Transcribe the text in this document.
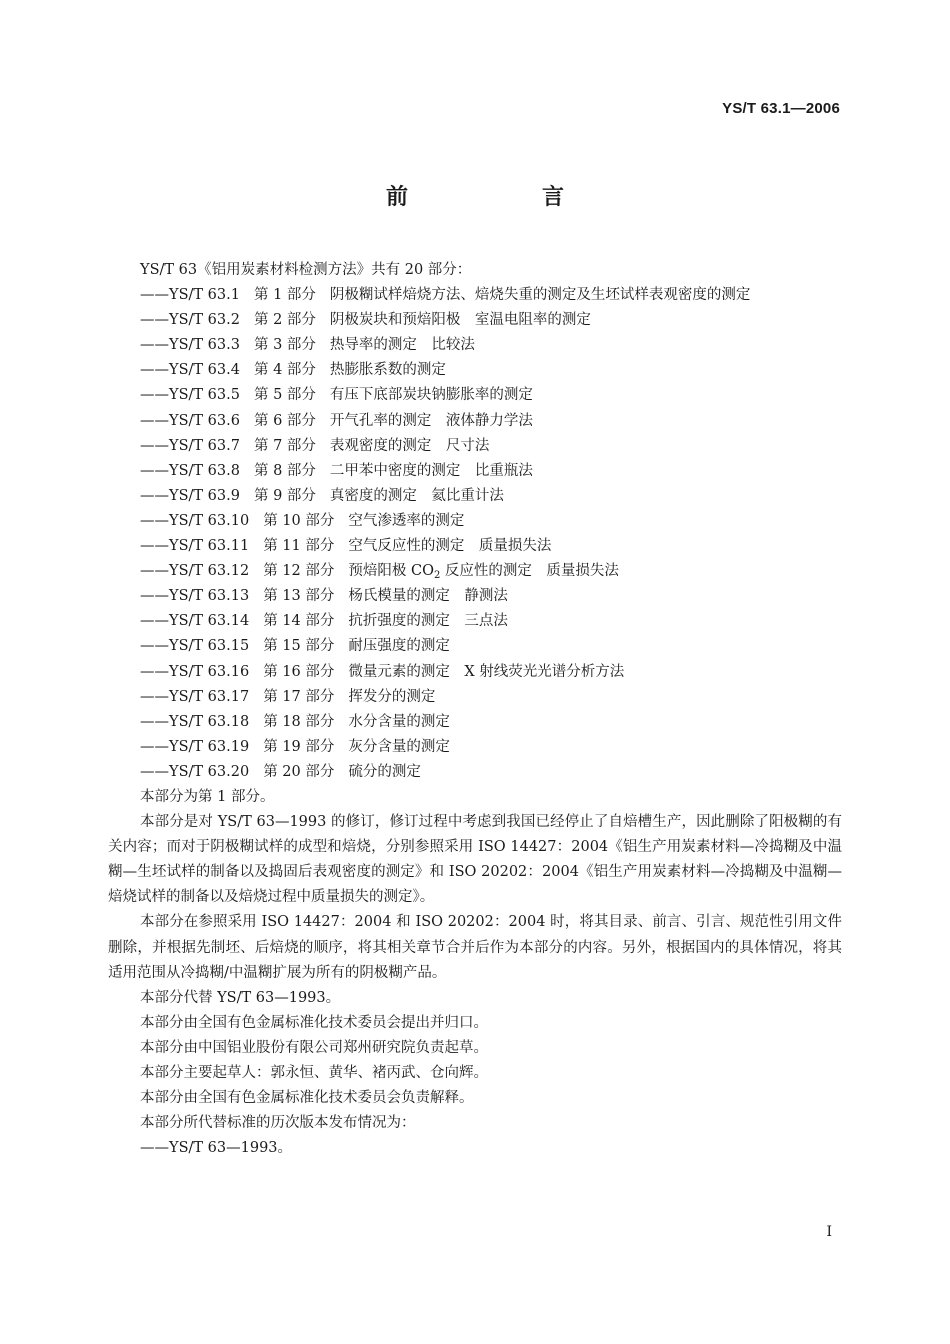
YS/T 63.1—2006
前　言
YS/T 63《铝用炭素材料检测方法》共有 20 部分：
——YS/T 63.1 第 1 部分 阴极糊试样焙烧方法、焙烧失重的测定及生坯试样表观密度的测定
——YS/T 63.2 第 2 部分 阴极炭块和预焙阳极　室温电阻率的测定
——YS/T 63.3 第 3 部分 热导率的测定　比较法
——YS/T 63.4 第 4 部分 热膨胀系数的测定
——YS/T 63.5 第 5 部分 有压下底部炭块钠膨胀率的测定
——YS/T 63.6 第 6 部分 开气孔率的测定　液体静力学法
——YS/T 63.7 第 7 部分 表观密度的测定　尺寸法
——YS/T 63.8 第 8 部分 二甲苯中密度的测定　比重瓶法
——YS/T 63.9 第 9 部分 真密度的测定　氦比重计法
——YS/T 63.10 第 10 部分 空气渗透率的测定
——YS/T 63.11 第 11 部分 空气反应性的测定　质量损失法
——YS/T 63.12 第 12 部分 预焙阳极 $CO_2$ 反应性的测定　质量损失法
——YS/T 63.13 第 13 部分 杨氏模量的测定　静测法
——YS/T 63.14 第 14 部分 抗折强度的测定　三点法
——YS/T 63.15 第 15 部分 耐压强度的测定
——YS/T 63.16 第 16 部分 微量元素的测定　X 射线荧光光谱分析方法
——YS/T 63.17 第 17 部分 挥发分的测定
——YS/T 63.18 第 18 部分 水分含量的测定
——YS/T 63.19 第 19 部分 灰分含量的测定
——YS/T 63.20 第 20 部分 硫分的测定
本部分为第 1 部分。
本部分是对 YS/T 63—1993 的修订，修订过程中考虑到我国已经停止了自焙槽生产，因此删除了阳极糊的有关内容；而对于阴极糊试样的成型和焙烧，分别参照采用 ISO 14427：2004《铝生产用炭素材料—冷捣糊及中温糊—生坯试样的制备以及捣固后表观密度的测定》和 ISO 20202：2004《铝生产用炭素材料—冷捣糊及中温糊—焙烧试样的制备以及焙烧过程中质量损失的测定》。
本部分在参照采用 ISO 14427：2004 和 ISO 20202：2004 时，将其目录、前言、引言、规范性引用文件删除，并根据先制坯、后焙烧的顺序，将其相关章节合并后作为本部分的内容。另外，根据国内的具体情况，将其适用范围从冷捣糊/中温糊扩展为所有的阴极糊产品。
本部分代替 YS/T 63—1993。
本部分由全国有色金属标准化技术委员会提出并归口。
本部分由中国铝业股份有限公司郑州研究院负责起草。
本部分主要起草人：郭永恒、黄华、褚丙武、仓向辉。
本部分由全国有色金属标准化技术委员会负责解释。
本部分所代替标准的历次版本发布情况为：
——YS/T 63—1993。
I
